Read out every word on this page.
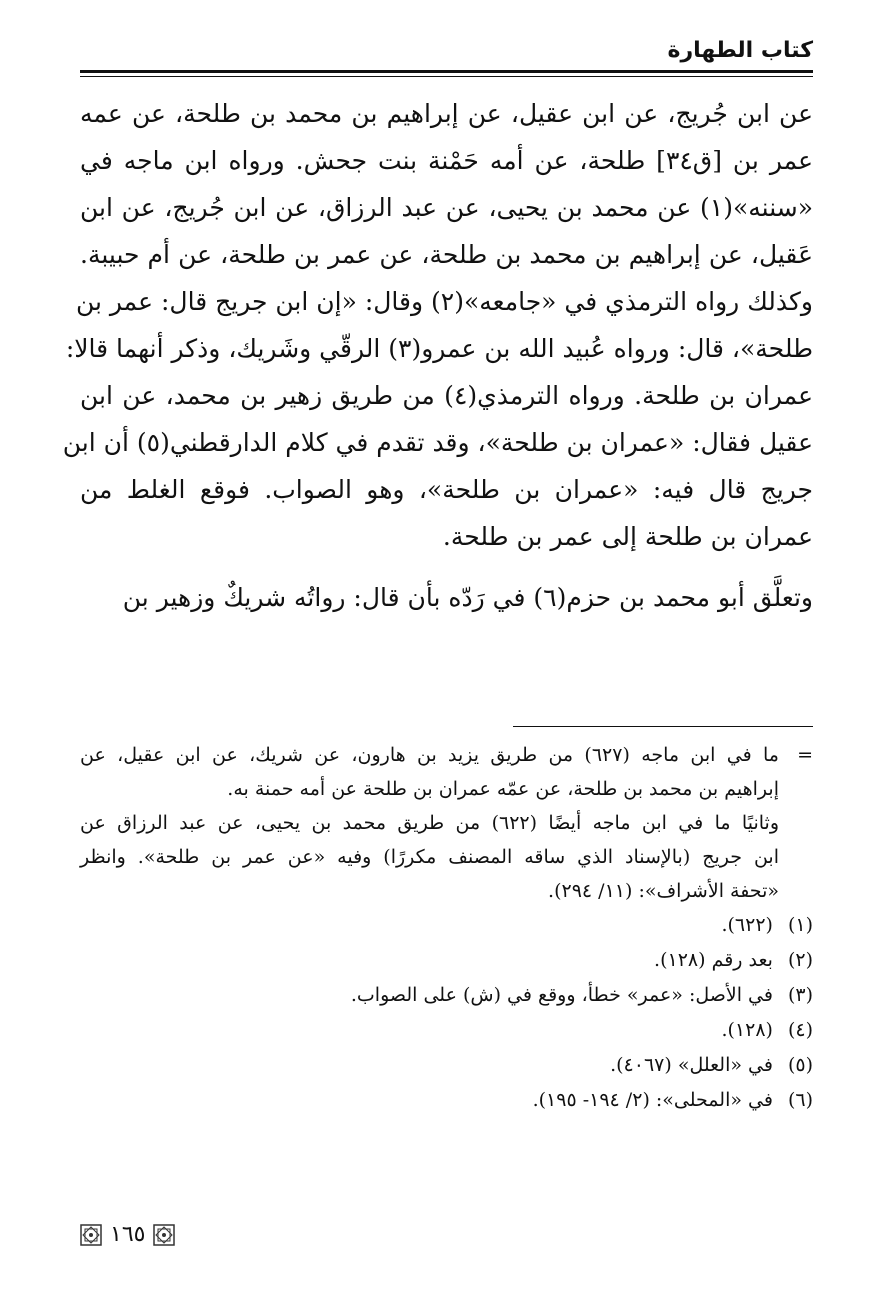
كتاب الطهارة
عن ابن جُريج، عن ابن عقيل، عن إبراهيم بن محمد بن طلحة، عن عمه
عمر بن [ق٣٤] طلحة، عن أمه حَمْنة بنت جحش. ورواه ابن ماجه في
«سننه»(١) عن محمد بن يحيى، عن عبد الرزاق، عن ابن جُريج، عن ابن
عَقيل، عن إبراهيم بن محمد بن طلحة، عن عمر بن طلحة، عن أم حبيبة.
وكذلك رواه الترمذي في «جامعه»(٢) وقال: «إن ابن جريج قال: عمر بن
طلحة»، قال: ورواه عُبيد الله بن عمرو(٣) الرقّي وشَريك، وذكر أنهما قالا:
عمران بن طلحة. ورواه الترمذي(٤) من طريق زهير بن محمد، عن ابن
عقيل فقال: «عمران بن طلحة»، وقد تقدم في كلام الدارقطني(٥) أن ابن
جريج قال فيه: «عمران بن طلحة»، وهو الصواب. فوقع الغلط من
عمران بن طلحة إلى عمر بن طلحة.
وتعلَّق أبو محمد بن حزم(٦) في رَدّه بأن قال: رواتُه شريكٌ وزهير بن
=
ما في ابن ماجه (٦٢٧) من طريق يزيد بن هارون، عن شريك، عن ابن عقيل، عن
إبراهيم بن محمد بن طلحة، عن عمّه عمران بن طلحة عن أمه حمنة به.
وثانيًا ما في ابن ماجه أيضًا (٦٢٢) من طريق محمد بن يحيى، عن عبد الرزاق عن
ابن جريج (بالإسناد الذي ساقه المصنف مكررًا) وفيه «عن عمر بن طلحة». وانظر
«تحفة الأشراف»: (١١/ ٢٩٤).
(١) (٦٢٢).
(٢) بعد رقم (١٢٨).
(٣) في الأصل: «عمر» خطأ، ووقع في (ش) على الصواب.
(٤) (١٢٨).
(٥) في «العلل» (٤٠٦٧).
(٦) في «المحلى»: (٢/ ١٩٤- ١٩٥).
١٦٥
